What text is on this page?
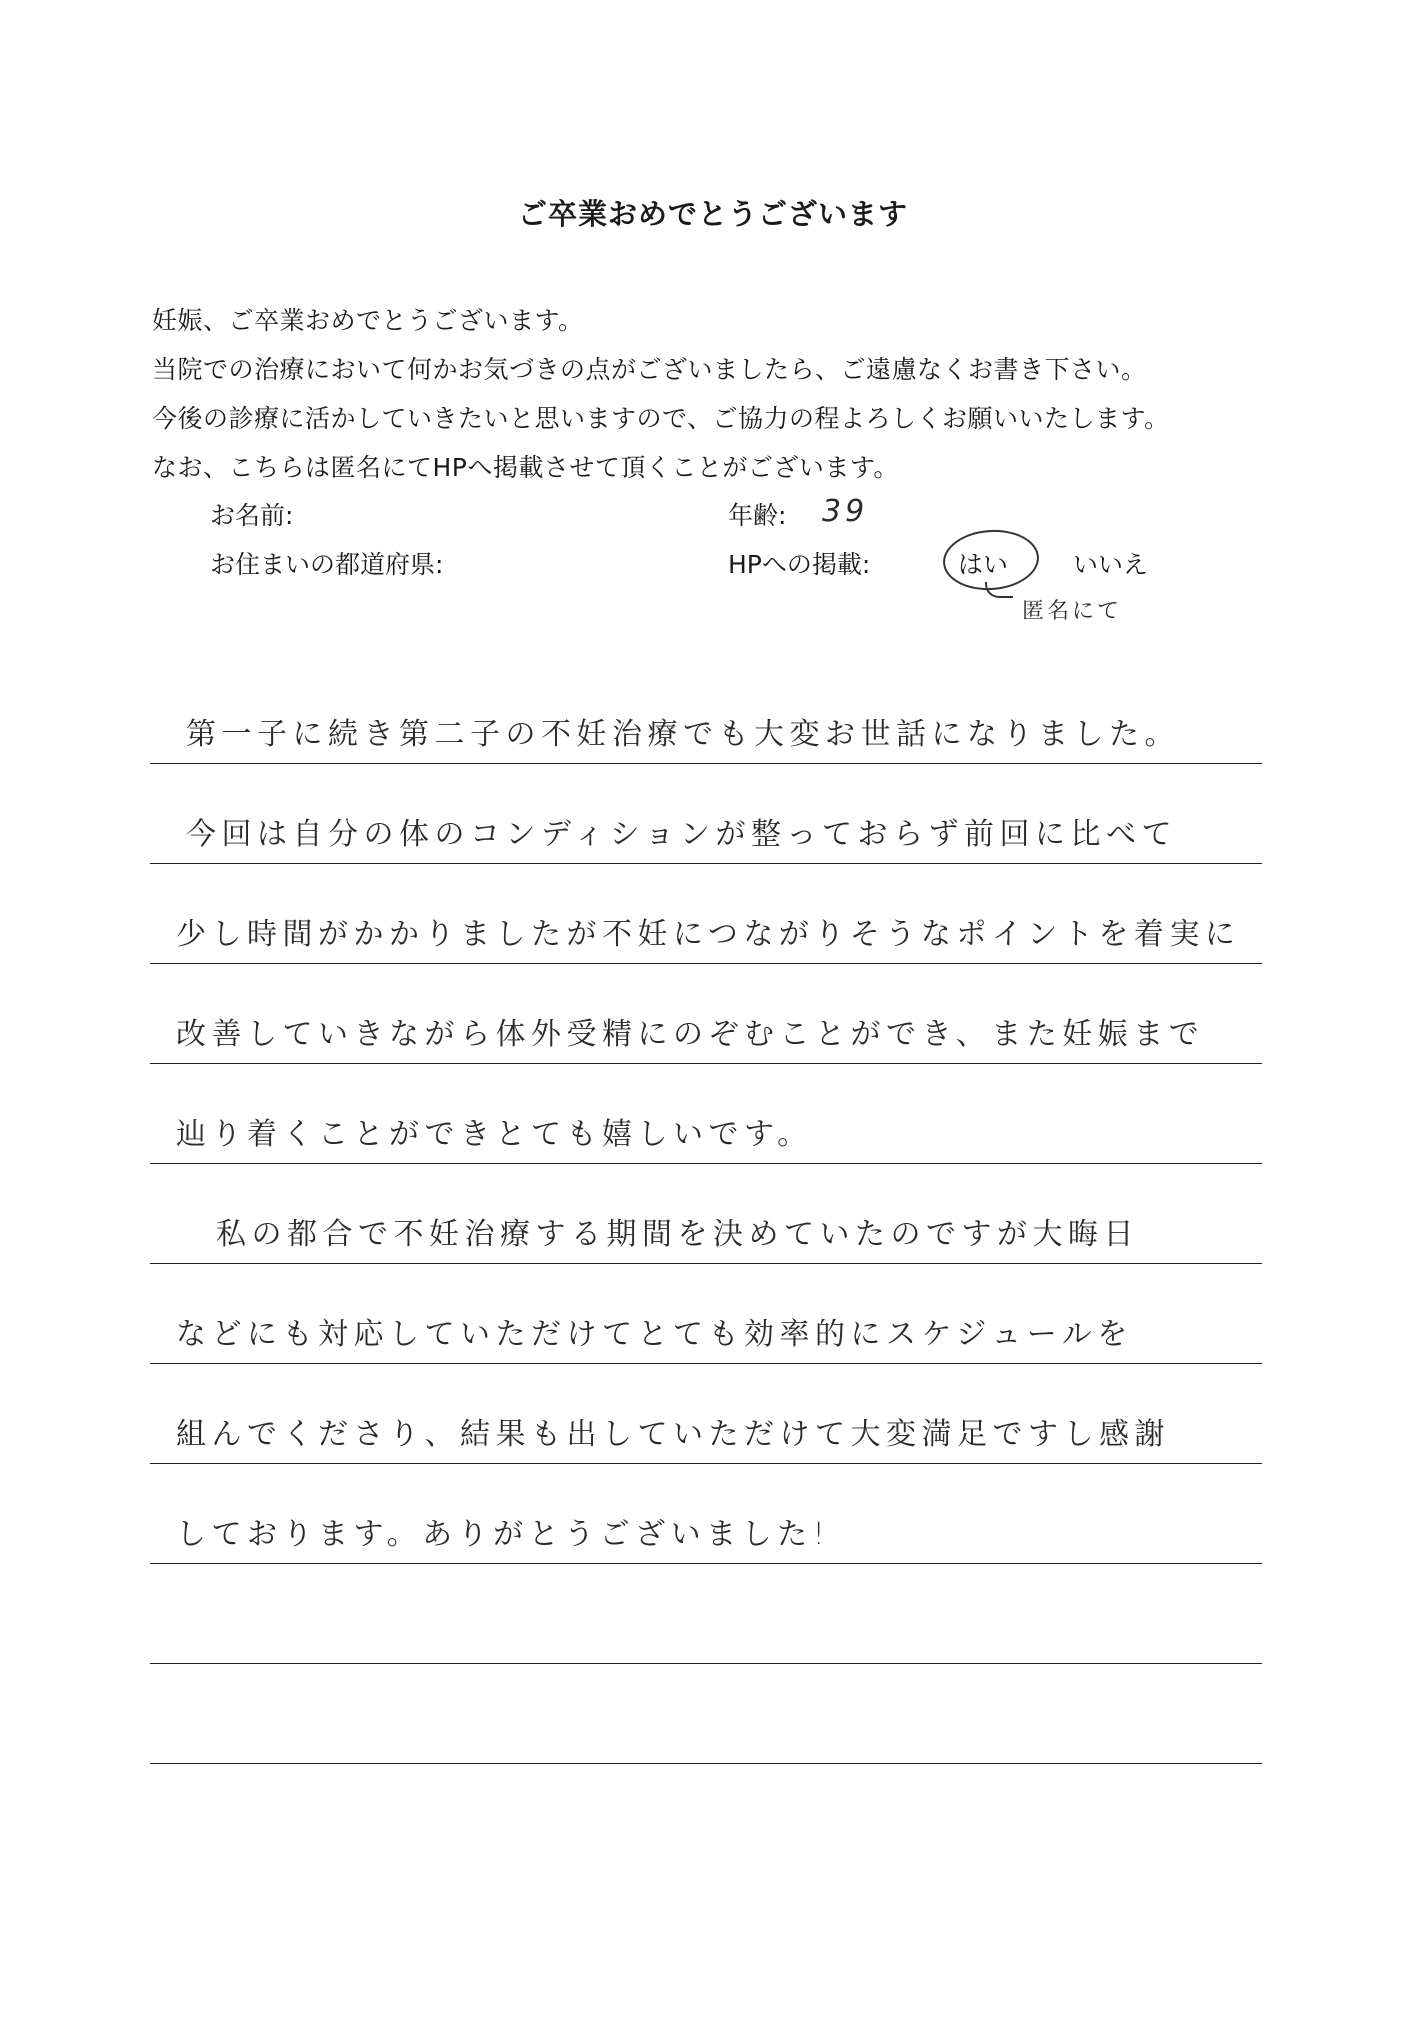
ご卒業おめでとうございます
妊娠、ご卒業おめでとうございます。
当院での治療において何かお気づきの点がございましたら、ご遠慮なくお書き下さい。
今後の診療に活かしていきたいと思いますので、ご協力の程よろしくお願いいたします。
なお、こちらは匿名にてHPへ掲載させて頂くことがございます。
お名前:	年齢: 39
お住まいの都道府県:	HPへの掲載:	はい	いいえ
匿名にて
第一子に続き第二子の不妊治療でも大変お世話になりました。
今回は自分の体のコンディションが整っておらず前回に比べて
少し時間がかかりましたが不妊につながりそうなポイントを着実に
改善していきながら体外受精にのぞむことができ、また妊娠まで
辿り着くことができとても嬉しいです。
私の都合で不妊治療する期間を決めていたのですが大晦日
などにも対応していただけてとても効率的にスケジュールを
組んでくださり、結果も出していただけて大変満足ですし感謝
しております。ありがとうございました!
